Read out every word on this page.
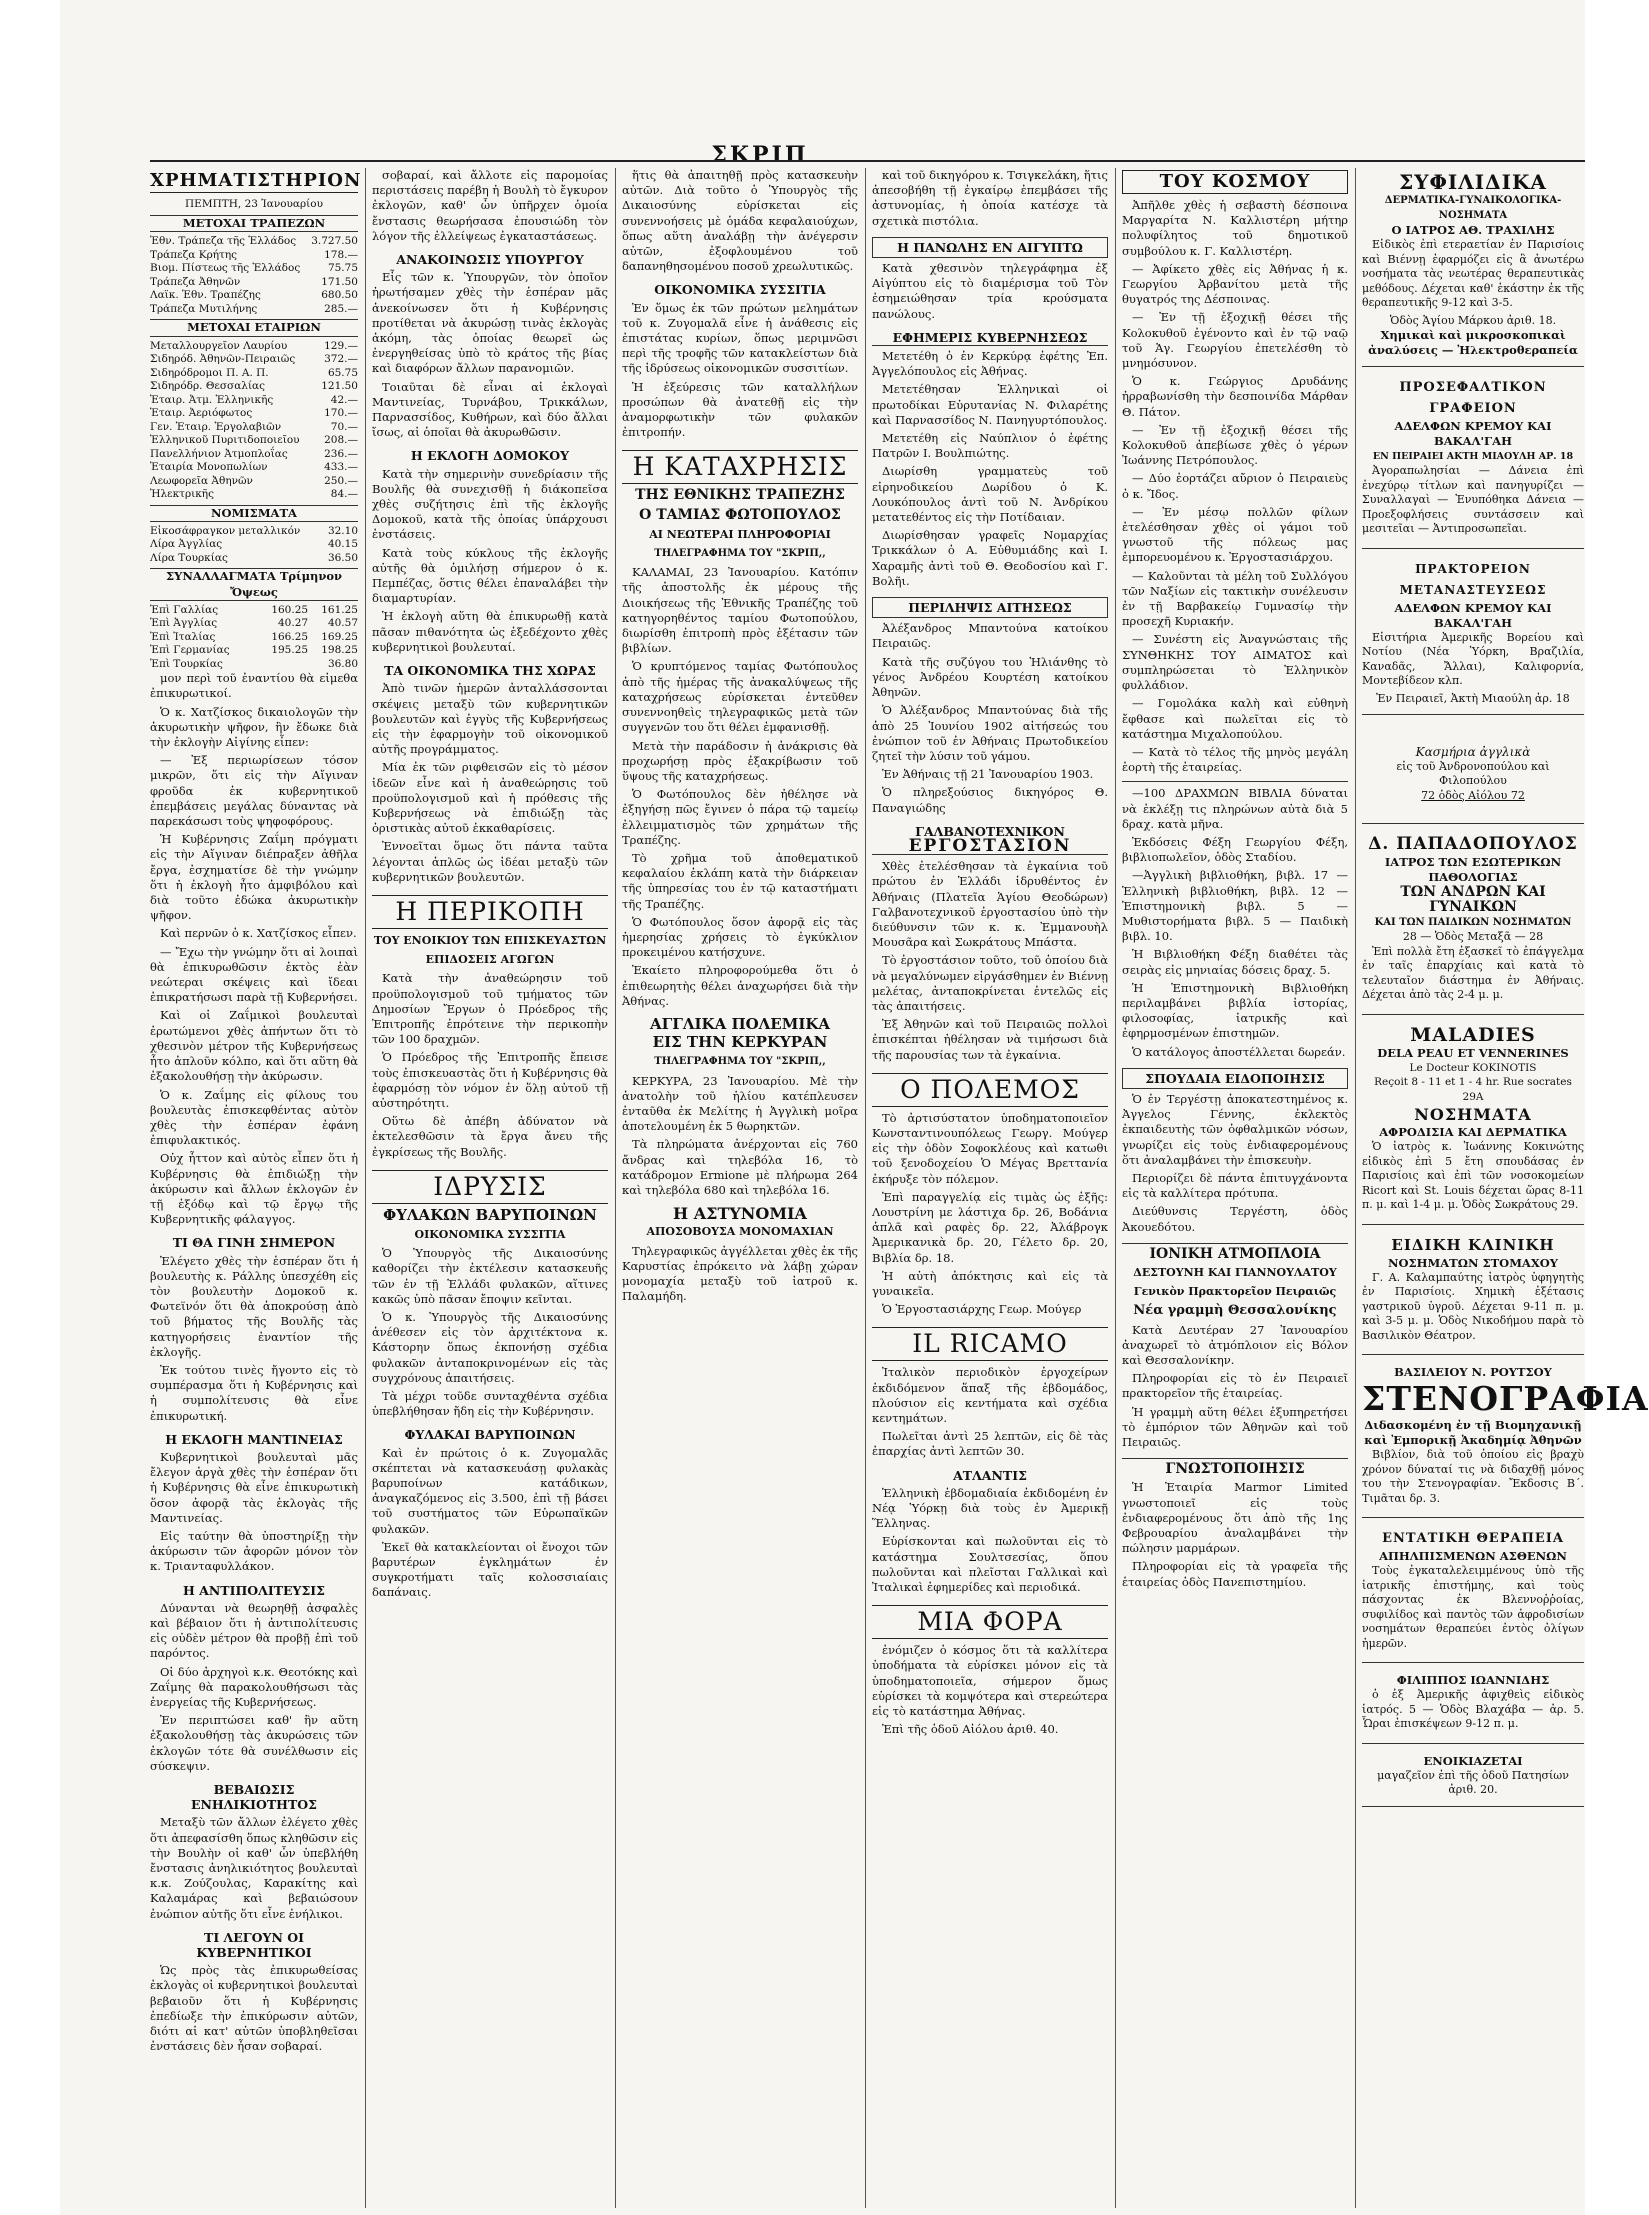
ΣΚΡΙΠ
ΧΡΗΜΑΤΙΣΤΗΡΙΟΝ
ΠΕΜΠΤΗ, 23 Ἰανουαρίου
ΜΕΤΟΧΑΙ ΤΡΑΠΕΖΩΝ
Ἐθν. Τράπεζα τῆς Ἑλλάδος	3.727.50
Τράπεζα Κρήτης	178.—
Βιομ. Πίστεως τῆς Ἑλλάδος	75.75
Τράπεζα Ἀθηνῶν	171.50
Λαϊκ. Ἐθν. Τραπέζης	680.50
Τράπεζα Μυτιλήνης	285.—
ΜΕΤΟΧΑΙ ΕΤΑΙΡΙΩΝ
Μεταλλουργεῖον Λαυρίου	129.—
Σιδηρόδ. Ἀθηνῶν-Πειραιῶς	372.—
Σιδηρόδρομοι Π. Α. Π.	65.75
Σιδηρόδρ. Θεσσαλίας	121.50
Ἑταιρ. Ἀτμ. Ἑλληνικῆς	42.—
Ἑταιρ. Ἀεριόφωτος	170.—
Γεν. Ἑταιρ. Ἐργολαβιῶν	70.—
Ἑλληνικοῦ Πυριτιδοποιεῖου	208.—
Πανελλήνιον Ἀτμοπλοΐας	236.—
Ἑταιρία Μονοπωλίων	433.—
Λεωφορεῖα Ἀθηνῶν	250.—
Ἠλεκτρικῆς	84.—
ΝΟΜΙΣΜΑΤΑ
Εἰκοσάφραγκον μεταλλικόν	32.10
Λίρα Ἀγγλίας	40.15
Λίρα Τουρκίας	36.50
ΣΥΝΑΛΛΑΓΜΑΤΑ Τρίμηνον Ὄψεως
Ἐπὶ Γαλλίας	160.25	161.25
Ἐπὶ Ἀγγλίας	40.27	40.57
Ἐπὶ Ἰταλίας	166.25	169.25
Ἐπὶ Γερμανίας	195.25	198.25
Ἐπὶ Τουρκίας		36.80

μον περὶ τοῦ ἐναντίου θὰ εἰμεθα ἐπικυρωτικοί.

Ὁ κ. Χατζίσκος δικαιολογῶν τὴν ἀκυρωτικὴν ψῆφον, ἣν ἔδωκε διὰ τὴν ἐκλογὴν Αἰγίνης εἶπεν:

— Ἐξ περιωρίσεων τόσον μικρῶν, ὅτι εἰς τὴν Αἴγιναν φροῦδα ἐκ κυβερνητικοῦ ἐπεμβάσεις μεγάλας δύναντας νὰ παρεκάσωσι τοὺς ψηφοφόρους.

Ἡ Κυβέρνησις Ζαΐμη πρόγματι εἰς τὴν Αἴγιναν διέπραξεν ἀθῆλα ἔργα, ἐσχηματίσε δὲ τὴν γνώμην ὅτι ἡ ἐκλογὴ ἦτο ἀμφιβόλου καὶ διὰ τοῦτο ἐδώκα ἀκυρωτικὴν ψῆφον.

Καὶ περνῶν ὁ κ. Χατζίσκος εἶπεν.

— Ἔχω τὴν γνώμην ὅτι αἱ λοιπαὶ θὰ ἐπικυρωθῶσιν ἐκτὸς ἐὰν νεώτεραι σκέψεις καὶ ἴδεαι ἐπικρατήσωσι παρὰ τῇ Κυβερνήσει.

Καὶ οἱ Ζαΐμικοὶ βουλευταὶ ἐρωτώμενοι χθὲς ἀπήντων ὅτι τὸ χθεσινὸν μέτρον τῆς Κυβερνήσεως ἦτο ἀπλοῦν κόλπο, καὶ ὅτι αὕτη θὰ ἐξακολουθήσῃ τὴν ἀκύρωσιν.

Ὁ κ. Ζαΐμης εἰς φίλους του βουλευτὰς ἐπισκεφθέντας αὐτὸν χθὲς τὴν ἑσπέραν ἐφάνη ἐπιφυλακτικός.

Οὐχ ἧττον καὶ αὐτὸς εἶπεν ὅτι ἡ Κυβέρνησις θὰ ἐπιδιώξῃ τὴν ἀκύρωσιν καὶ ἄλλων ἐκλογῶν ἐν τῇ ἐξόδῳ καὶ τῷ ἔργῳ τῆς Κυβερνητικῆς φάλαγγος.

ΤΙ ΘΑ ΓΙΝΗ ΣΗΜΕΡΟΝ

Ἐλέγετο χθὲς τὴν ἑσπέραν ὅτι ἡ βουλευτὴς κ. Ράλλης ὑπεσχέθη εἰς τὸν βουλευτὴν Δομοκοῦ κ. Φωτεϊνόν ὅτι θὰ ἀποκρούσῃ ἀπὸ τοῦ βήματος τῆς Βουλῆς τὰς κατηγορήσεις ἐναντίον τῆς ἐκλογῆς.

Ἐκ τούτου τινὲς ἤγοντο εἰς τὸ συμπέρασμα ὅτι ἡ Κυβέρνησις καὶ ἡ συμπολίτευσις θὰ εἶνε ἐπικυρωτική.

Η ΕΚΛΟΓΗ ΜΑΝΤΙΝΕΙΑΣ

Κυβερνητικοὶ βουλευταὶ μᾶς ἔλεγον ἀργὰ χθὲς τὴν ἑσπέραν ὅτι ἡ Κυβέρνησις θὰ εἶνε ἐπικυρωτικὴ ὅσον ἀφορᾷ τὰς ἐκλογὰς τῆς Μαντινείας.

Εἰς ταύτην θὰ ὑποστηρίξῃ τὴν ἀκύρωσιν τῶν ἀφορῶν μόνον τὸν κ. Τριανταφυλλάκον.

Η ΑΝΤΙΠΟΛΙΤΕΥΣΙΣ

Δύνανται νὰ θεωρηθῇ ἀσφαλὲς καὶ βέβαιον ὅτι ἡ ἀντιπολίτευσις εἰς οὐδὲν μέτρον θὰ προβῇ ἐπὶ τοῦ παρόντος.

Οἱ δύο ἀρχηγοὶ κ.κ. Θεοτόκης καὶ Ζαΐμης θὰ παρακολουθήσωσι τὰς ἐνεργείας τῆς Κυβερνήσεως.

Ἐν περιπτώσει καθ' ἣν αὕτη ἐξακολουθήσῃ τὰς ἀκυρώσεις τῶν ἐκλογῶν τότε θὰ συνέλθωσιν εἰς σύσκεψιν.

ΒΕΒΑΙΩΣΙΣ ΕΝΗΛΙΚΙΟΤΗΤΟΣ

Μεταξὺ τῶν ἄλλων ἐλέγετο χθὲς ὅτι ἀπεφασίσθη ὅπως κληθῶσιν εἰς τὴν Βουλὴν οἱ καθ' ὧν ὑπεβλήθη ἔνστασις ἀνηλικιότητος βουλευταὶ κ.κ. Ζούζουλας, Καρακίτης καὶ Καλαμάρας καὶ βεβαιώσουν ἐνώπιον αὐτῆς ὅτι εἶνε ἐνήλικοι.

ΤΙ ΛΕΓΟΥΝ ΟΙ ΚΥΒΕΡΝΗΤΙΚΟΙ

Ὡς πρὸς τὰς ἐπικυρωθείσας ἐκλογὰς οἱ κυβερνητικοὶ βουλευταὶ βεβαιοῦν ὅτι ἡ Κυβέρνησις ἐπεδίωξε τὴν ἐπικύρωσιν αὐτῶν, διότι αἱ κατ' αὐτῶν ὑποβληθεῖσαι ἐνστάσεις δὲν ἦσαν σοβαραί.

σοβαραί, καὶ ἄλλοτε εἰς παρομοίας περιστάσεις παρέβη ἡ Βουλὴ τὸ ἔγκυρον ἐκλογῶν, καθ' ὧν ὑπῆρχεν ὁμοία ἔνστασις θεωρήσασα ἐπουσιώδη τὸν λόγον τῆς ἐλλείψεως ἐγκαταστάσεως.

ΑΝΑΚΟΙΝΩΣΙΣ ΥΠΟΥΡΓΟΥ

Εἷς τῶν κ. Ὑπουργῶν, τὸν ὁποῖον ἠρωτήσαμεν χθὲς τὴν ἑσπέραν μᾶς ἀνεκοίνωσεν ὅτι ἡ Κυβέρνησις προτίθεται νὰ ἀκυρώσῃ τινὰς ἐκλογὰς ἀκόμη, τὰς ὁποίας θεωρεῖ ὡς ἐνεργηθείσας ὑπὸ τὸ κράτος τῆς βίας καὶ διαφόρων ἄλλων παρανομιῶν.

Τοιαῦται δὲ εἶναι αἱ ἐκλογαὶ Μαντινείας, Τυρνάβου, Τρικκάλων, Παρνασσίδος, Κυθήρων, καὶ δύο ἄλλαι ἴσως, αἱ ὁποῖαι θὰ ἀκυρωθῶσιν.

Η ΕΚΛΟΓΗ ΔΟΜΟΚΟΥ

Κατὰ τὴν σημερινὴν συνεδρίασιν τῆς Βουλῆς θὰ συνεχισθῇ ἡ διάκοπεῖσα χθὲς συζήτησις ἐπὶ τῆς ἐκλογῆς Δομοκοῦ, κατὰ τῆς ὁποίας ὑπάρχουσι ἐνστάσεις.

Κατὰ τοὺς κύκλους τῆς ἐκλογῆς αὐτῆς θὰ ὁμιλήσῃ σήμερον ὁ κ. Πεμπέζας, ὅστις θέλει ἐπαναλάβει τὴν διαμαρτυρίαν.

Ἡ ἐκλογὴ αὕτη θὰ ἐπικυρωθῇ κατὰ πᾶσαν πιθανότητα ὡς ἐξεδέχοντο χθὲς κυβερνητικοὶ βουλευταί.

ΤΑ ΟΙΚΟΝΟΜΙΚΑ ΤΗΣ ΧΩΡΑΣ

Ἀπὸ τινῶν ἡμερῶν ἀνταλλάσσονται σκέψεις μεταξὺ τῶν κυβερνητικῶν βουλευτῶν καὶ ἐγγὺς τῆς Κυβερνήσεως εἰς τὴν ἐφαρμογὴν τοῦ οἰκονομικοῦ αὐτῆς προγράμματος.

Μία ἐκ τῶν ριφθεισῶν εἰς τὸ μέσον ἰδεῶν εἶνε καὶ ἡ ἀναθεώρησις τοῦ προϋπολογισμοῦ καὶ ἡ πρόθεσις τῆς Κυβερνήσεως νὰ ἐπιδιώξῃ τὰς ὁριστικὰς αὐτοῦ ἐκκαθαρίσεις.

Ἐννοεῖται ὅμως ὅτι πάντα ταῦτα λέγονται ἁπλῶς ὡς ἰδέαι μεταξὺ τῶν κυβερνητικῶν βουλευτῶν.

Η ΠΕΡΙΚΟΠΗ
ΤΟΥ ΕΝΟΙΚΙΟΥ ΤΩΝ ΕΠΙΣΚΕΥΑΣΤΩΝ
ΕΠΙΔΟΣΕΙΣ ΑΓΩΓΩΝ

Κατὰ τὴν ἀναθεώρησιν τοῦ προϋπολογισμοῦ τοῦ τμήματος τῶν Δημοσίων Ἔργων ὁ Πρόεδρος τῆς Ἐπιτροπῆς ἐπρότεινε τὴν περικοπὴν τῶν 100 δραχμῶν.

Ὁ Πρόεδρος τῆς Ἐπιτροπῆς ἔπεισε τοὺς ἐπισκευαστὰς ὅτι ἡ Κυβέρνησις θὰ ἐφαρμόσῃ τὸν νόμον ἐν ὅλῃ αὐτοῦ τῇ αὐστηρότητι.

Οὕτω δὲ ἀπέβη ἀδύνατον νὰ ἐκτελεσθῶσιν τὰ ἔργα ἄνευ τῆς ἐγκρίσεως τῆς Βουλῆς.

ΙΔΡΥΣΙΣ
ΦΥΛΑΚΩΝ ΒΑΡΥΠΟΙΝΩΝ
ΟΙΚΟΝΟΜΙΚΑ ΣΥΣΣΙΤΙΑ

Ὁ Ὑπουργὸς τῆς Δικαιοσύνης καθορίζει τὴν ἐκτέλεσιν κατασκευῆς τῶν ἐν τῇ Ἑλλάδι φυλακῶν, αἵτινες κακῶς ὑπὸ πᾶσαν ἔποψιν κεῖνται.

Ὁ κ. Ὑπουργὸς τῆς Δικαιοσύνης ἀνέθεσεν εἰς τὸν ἀρχιτέκτονα κ. Κάστορην ὅπως ἐκπονήσῃ σχέδια φυλακῶν ἀνταποκρινομένων εἰς τὰς συγχρόνους ἀπαιτήσεις.

Τὰ μέχρι τοῦδε συνταχθέντα σχέδια ὑπεβλήθησαν ἤδη εἰς τὴν Κυβέρνησιν.

ΦΥΛΑΚΑΙ ΒΑΡΥΠΟΙΝΩΝ

Καὶ ἐν πρώτοις ὁ κ. Ζυγομαλᾶς σκέπτεται νὰ κατασκευάσῃ φυλακὰς βαρυποίνων κατάδικων, ἀναγκαζόμενος εἰς 3.500, ἐπὶ τῇ βάσει τοῦ συστήματος τῶν Εὐρωπαϊκῶν φυλακῶν.

Ἐκεῖ θὰ κατακλείονται οἱ ἔνοχοι τῶν βαρυτέρων ἐγκλημάτων ἐν συγκροτήματι ταῖς κολοσσιαίαις δαπάναις.

ἥτις θὰ ἀπαιτηθῇ πρὸς κατασκευὴν αὐτῶν. Διὰ τοῦτο ὁ Ὑπουργὸς τῆς Δικαιοσύνης εὑρίσκεται εἰς συνεννοήσεις μὲ ὁμάδα κεφαλαιούχων, ὅπως αὕτη ἀναλάβῃ τὴν ἀνέγερσιν αὐτῶν, ἐξοφλουμένου τοῦ δαπανηθησομένου ποσοῦ χρεωλυτικῶς.

ΟΙΚΟΝΟΜΙΚΑ ΣΥΣΣΙΤΙΑ

Ἐν ὅμως ἐκ τῶν πρώτων μελημάτων τοῦ κ. Ζυγομαλᾶ εἶνε ἡ ἀνάθεσις εἰς ἐπιστάτας κυρίων, ὅπως μεριμνῶσι περὶ τῆς τροφῆς τῶν κατακλείστων διὰ τῆς ἱδρύσεως οἰκονομικῶν συσσιτίων.

Ἡ ἐξεύρεσις τῶν καταλλήλων προσώπων θὰ ἀνατεθῇ εἰς τὴν ἀναμορφωτικὴν τῶν φυλακῶν ἐπιτροπήν.

Η ΚΑΤΑΧΡΗΣΙΣ
ΤΗΣ ΕΘΝΙΚΗΣ ΤΡΑΠΕΖΗΣ
Ο ΤΑΜΙΑΣ ΦΩΤΟΠΟΥΛΟΣ
ΑΙ ΝΕΩΤΕΡΑΙ ΠΛΗΡΟΦΟΡΙΑΙ
ΤΗΛΕΓΡΑΦΗΜΑ ΤΟΥ "ΣΚΡΙΠ,,

ΚΑΛΑΜΑΙ, 23 Ἰανουαρίου. Κατόπιν τῆς ἀποστολῆς ἐκ μέρους τῆς Διοικήσεως τῆς Ἐθνικῆς Τραπέζης τοῦ κατηγορηθέντος ταμίου Φωτοπούλου, διωρίσθη ἐπιτροπὴ πρὸς ἐξέτασιν τῶν βιβλίων.

Ὁ κρυπτόμενος ταμίας Φωτόπουλος ἀπὸ τῆς ἡμέρας τῆς ἀνακαλύψεως τῆς καταχρήσεως εὑρίσκεται ἐντεῦθεν συνεννοηθεὶς τηλεγραφικῶς μετὰ τῶν συγγενῶν του ὅτι θέλει ἐμφανισθῇ.

Μετὰ τὴν παράδοσιν ἡ ἀνάκρισις θὰ προχωρήσῃ πρὸς ἐξακρίβωσιν τοῦ ὕψους τῆς καταχρήσεως.

Ὁ Φωτόπουλος δὲν ἠθέλησε νὰ ἐξηγήσῃ πῶς ἔγινεν ὁ πάρα τῷ ταμείῳ ἐλλειμματισμὸς τῶν χρημάτων τῆς Τραπέζης.

Τὸ χρῆμα τοῦ ἀποθεματικοῦ κεφαλαίου ἐκλάπη κατὰ τὴν διάρκειαν τῆς ὑπηρεσίας του ἐν τῷ καταστήματι τῆς Τραπέζης.

Ὁ Φωτόπουλος ὅσον ἀφορᾷ εἰς τὰς ἡμερησίας χρήσεις τὸ ἐγκύκλιον προκειμένου κατήσχυνε.

Ἐκαίετο πληροφορούμεθα ὅτι ὁ ἐπιθεωρητὴς θέλει ἀναχωρήσει διὰ τὴν Ἀθήνας.

ΑΓΓΛΙΚΑ ΠΟΛΕΜΙΚΑ
ΕΙΣ ΤΗΝ ΚΕΡΚΥΡΑΝ
ΤΗΛΕΓΡΑΦΗΜΑ ΤΟΥ "ΣΚΡΙΠ,,

ΚΕΡΚΥΡΑ, 23 Ἰανουαρίου. Μὲ τὴν ἀνατολὴν τοῦ ἡλίου κατέπλευσεν ἐνταῦθα ἐκ Μελίτης ἡ Ἀγγλικὴ μοῖρα ἀποτελουμένη ἐκ 5 θωρηκτῶν.

Τὰ πληρώματα ἀνέρχονται εἰς 760 ἄνδρας καὶ τηλεβόλα 16, τὸ κατάδρομον Ermione μὲ πλήρωμα 264 καὶ τηλεβόλα 680 καὶ τηλεβόλα 16.

Η ΑΣΤΥΝΟΜΙΑ
ΑΠΟΣΟΒΟΥΣΑ ΜΟΝΟΜΑΧΙΑΝ

Τηλεγραφικῶς ἀγγέλλεται χθὲς ἐκ τῆς Καρυστίας ἐπρόκειτο νὰ λάβῃ χώραν μονομαχία μεταξὺ τοῦ ἰατροῦ κ. Παλαμήδη.

καὶ τοῦ δικηγόρου κ. Τσιγκελάκη, ἥτις ἀπεσοβήθη τῇ ἐγκαίρῳ ἐπεμβάσει τῆς ἀστυνομίας, ἡ ὁποία κατέσχε τὰ σχετικὰ πιστόλια.

Η ΠΑΝΩΛΗΣ ΕΝ ΑΙΓΥΠΤΩ

Κατὰ χθεσινὸν τηλεγράφημα ἐξ Αἰγύπτου εἰς τὸ διαμέρισμα τοῦ Τὸν ἐσημειώθησαν τρία κρούσματα πανώλους.

ΕΦΗΜΕΡΙΣ ΚΥΒΕΡΝΗΣΕΩΣ

Μετετέθη ὁ ἐν Κερκύρᾳ ἐφέτης Ἐπ. Ἀγγελόπουλος εἰς Ἀθήνας.

Μετετέθησαν Ἑλληνικαὶ οἱ πρωτοδίκαι Εὐρυτανίας Ν. Φιλαρέτης καὶ Παρνασσίδος Ν. Πανηγυρτόπουλος.

Μετετέθη εἰς Ναύπλιον ὁ ἐφέτης Πατρῶν Ι. Βουλπιώτης.

Διωρίσθη γραμματεὺς τοῦ εἰρηνοδικείου Δωρίδου ὁ Κ. Λουκόπουλος ἀντὶ τοῦ Ν. Ἀνδρίκου μετατεθέντος εἰς τὴν Ποτίδαιαν.

Διωρίσθησαν γραφεῖς Νομαρχίας Τρικκάλων ὁ Α. Εὐθυμιάδης καὶ Ι. Χαραμῆς ἀντὶ τοῦ Θ. Θεοδοσίου καὶ Γ. Βολῆι.

ΠΕΡΙΛΗΨΙΣ ΑΙΤΗΣΕΩΣ

Ἀλέξανδρος Μπαντούνα κατοίκου Πειραιῶς.

Κατὰ τῆς συζύγου του Ἡλιάνθης τὸ γένος Ἀνδρέου Κουρτέση κατοίκου Ἀθηνῶν.

Ὁ Ἀλέξανδρος Μπαντούνας διὰ τῆς ἀπὸ 25 Ἰουνίου 1902 αἰτήσεώς του ἐνώπιον τοῦ ἐν Ἀθήναις Πρωτοδικείου ζητεῖ τὴν λύσιν τοῦ γάμου.

Ἐν Ἀθήναις τῇ 21 Ἰανουαρίου 1903.

Ὁ πληρεξούσιος δικηγόρος Θ. Παναγιώδης

ΓΑΛΒΑΝΟΤΕΧΝΙΚΟΝ
ΕΡΓΟΣΤΑΣΙΟΝ

Χθὲς ἐτελέσθησαν τὰ ἐγκαίνια τοῦ πρώτου ἐν Ἑλλάδι ἱδρυθέντος ἐν Ἀθήναις (Πλατεῖα Ἁγίου Θεοδώρων) Γαλβανοτεχνικοῦ ἐργοστασίου ὑπὸ τὴν διεύθυνσιν τῶν κ. κ. Ἐμμανουὴλ Μουσᾶρα καὶ Σωκράτους Μπάστα.

Τὸ ἐργοστάσιον τοῦτο, τοῦ ὁποίου διὰ νὰ μεγαλύνωμεν εἰργάσθημεν ἐν Βιέννῃ μελέτας, ἀνταποκρίνεται ἐντελῶς εἰς τὰς ἀπαιτήσεις.

Ἐξ Ἀθηνῶν καὶ τοῦ Πειραιῶς πολλοὶ ἐπισκέπται ἠθέλησαν νὰ τιμήσωσι διὰ τῆς παρουσίας των τὰ ἐγκαίνια.

Ο ΠΟΛΕΜΟΣ

Τὸ ἀρτισύστατον ὑποδηματοποιεῖον Κωνσταντινουπόλεως Γεωργ. Μούγερ εἰς τὴν ὁδὸν Σοφοκλέους καὶ κατωθι τοῦ ξενοδοχείου Ὁ Μέγας Βρεττανία ἐκήρυξε τὸν πόλεμον.

Ἐπὶ παραγγελίᾳ εἰς τιμὰς ὡς ἑξῆς: Λουστρίνη με λάστιχα δρ. 26, Βοδάνια ἁπλᾶ καὶ ραφὲς δρ. 22, Ἀλάβρογκ Ἀμερικανικὰ δρ. 20, Γέλετο δρ. 20, Βιβλία δρ. 18.

Ἡ αὐτὴ ἀπόκτησις καὶ εἰς τὰ γυναικεῖα.

Ὁ Ἐργοστασιάρχης Γεωρ. Μούγερ

IL RICAMO

Ἰταλικὸν περιοδικὸν ἐργοχείρων ἐκδιδόμενον ἅπαξ τῆς ἑβδομάδος, πλούσιον εἰς κεντήματα καὶ σχέδια κεντημάτων.

Πωλεῖται ἀντὶ 25 λεπτῶν, εἰς δὲ τὰς ἐπαρχίας ἀντὶ λεπτῶν 30.

ΑΤΛΑΝΤΙΣ

Ἑλληνικὴ ἑβδομαδιαία ἐκδιδομένη ἐν Νέᾳ Ὑόρκῃ διὰ τοὺς ἐν Ἀμερικῇ Ἕλληνας.

Εὑρίσκονται καὶ πωλοῦνται εἰς τὸ κατάστημα Σουλτσεσίας, ὅπου πωλοῦνται καὶ πλεῖσται Γαλλικαὶ καὶ Ἰταλικαὶ ἐφημερίδες καὶ περιοδικά.

ΜΙΑ ΦΟΡΑ

ἐνόμιζεν ὁ κόσμος ὅτι τὰ καλλίτερα ὑποδήματα τὰ εὑρίσκει μόνον εἰς τὰ ὑποδηματοποιεῖα, σήμερον ὅμως εὑρίσκει τὰ κομψότερα καὶ στερεώτερα εἰς τὸ κατάστημα Ἀθήνας.

Ἐπὶ τῆς ὁδοῦ Αἰόλου ἀριθ. 40.

ΤΟΥ ΚΟΣΜΟΥ

Ἀπῆλθε χθὲς ἡ σεβαστὴ δέσποινα Μαργαρίτα Ν. Καλλιστέρη μήτηρ πολυφίλητος τοῦ δημοτικοῦ συμβούλου κ. Γ. Καλλιστέρη.

— Ἀφίκετο χθὲς εἰς Ἀθήνας ἡ κ. Γεωργίου Ἀρβανίτου μετὰ τῆς θυγατρός της Δέσποινας.

— Ἐν τῇ ἐξοχικῇ θέσει τῆς Κολοκυθοῦ ἐγένοντο καὶ ἐν τῷ ναῷ τοῦ Ἁγ. Γεωργίου ἐπετελέσθη τὸ μνημόσυνον.

Ὁ κ. Γεώργιος Δρυδάνης ἠρραβωνίσθη τὴν δεσποινίδα Μάρθαν Θ. Πάτον.

— Ἐν τῇ ἐξοχικῇ θέσει τῆς Κολοκυθοῦ ἀπεβίωσε χθὲς ὁ γέρων Ἰωάννης Πετρόπουλος.

— Δύο ἐορτάζει αὔριον ὁ Πειραιεὺς ὁ κ. Ἴδος.

— Ἐν μέσῳ πολλῶν φίλων ἐτελέσθησαν χθὲς οἱ γάμοι τοῦ γνωστοῦ τῆς πόλεως μας ἐμπορευομένου κ. Ἐργοστασιάρχου.

— Καλοῦνται τὰ μέλη τοῦ Συλλόγου τῶν Ναξίων εἰς τακτικὴν συνέλευσιν ἐν τῇ Βαρβακείῳ Γυμνασίῳ τὴν προσεχῆ Κυριακήν.

— Συνέστη εἰς Ἀναγνώσταις τῆς ΣΥΝΘΗΚΗΣ ΤΟΥ ΑΙΜΑΤΟΣ καὶ συμπληρώσεται τὸ Ἑλληνικὸν φυλλάδιον.

— Γομολάκα καλὴ καὶ εὐθηνὴ ἔφθασε καὶ πωλεῖται εἰς τὸ κατάστημα Μιχαλοπούλου.

— Κατὰ τὸ τέλος τῆς μηνὸς μεγάλη ἑορτὴ τῆς ἐταιρείας.

—100 ΔΡΑΧΜΩΝ ΒΙΒΛΙΑ δύναται νὰ ἐκλέξῃ τις πληρώνων αὐτὰ διὰ 5 δραχ. κατὰ μῆνα.

Ἐκδόσεις Φέξη Γεωργίου Φέξη, βιβλιοπωλεῖον, ὁδὸς Σταδίου.

—Ἀγγλικὴ βιβλιοθήκη, βιβλ. 17 — Ἑλληνικὴ βιβλιοθήκη, βιβλ. 12 — Ἐπιστημονικὴ βιβλ. 5 — Μυθιστορήματα βιβλ. 5 — Παιδικὴ βιβλ. 10.

Ἡ Βιβλιοθήκη Φέξη διαθέτει τὰς σειρὰς εἰς μηνιαίας δόσεις δραχ. 5.

Ἡ Ἐπιστημονικὴ Βιβλιοθήκη περιλαμβάνει βιβλία ἱστορίας, φιλοσοφίας, ἰατρικῆς καὶ ἐφηρμοσμένων ἐπιστημῶν.

Ὁ κατάλογος ἀποστέλλεται δωρεάν.

ΣΠΟΥΔΑΙΑ ΕΙΔΟΠΟΙΗΣΙΣ

Ὁ ἐν Τεργέστῃ ἀποκατεστημένος κ. Ἀγγελος Γέννης, ἐκλεκτὸς ἐκπαιδευτὴς τῶν ὀφθαλμικῶν νόσων, γνωρίζει εἰς τοὺς ἐνδιαφερομένους ὅτι ἀναλαμβάνει τὴν ἐπισκευὴν.

Περιορίζει δὲ πάντα ἐπιτυγχάνοντα εἰς τὰ καλλίτερα πρότυπα.

Διεύθυνσις Τεργέστη, ὁδὸς Ἀκουεδότου.

ΙΟΝΙΚΗ ΑΤΜΟΠΛΟΙΑ
ΔΕΣΤΟΥΝΗ ΚΑΙ ΓΙΑΝΝΟΥΛΑΤΟΥ
Γενικὸν Πρακτορεῖον Πειραιῶς
Νέα γραμμὴ Θεσσαλονίκης

Κατὰ Δευτέραν 27 Ἰανουαρίου ἀναχωρεῖ τὸ ἀτμόπλοιον εἰς Βόλον καὶ Θεσσαλονίκην.

Πληροφορίαι εἰς τὸ ἐν Πειραιεῖ πρακτορεῖον τῆς ἑταιρείας.

Ἡ γραμμὴ αὕτη θέλει ἐξυπηρετήσει τὸ ἐμπόριον τῶν Ἀθηνῶν καὶ τοῦ Πειραιῶς.

ΓΝΩΣΤΟΠΟΙΗΣΙΣ

Ἡ Ἑταιρία Marmor Limited γνωστοποιεῖ εἰς τοὺς ἐνδιαφερομένους ὅτι ἀπὸ τῆς 1ης Φεβρουαρίου ἀναλαμβάνει τὴν πώλησιν μαρμάρων.

Πληροφορίαι εἰς τὰ γραφεῖα τῆς ἑταιρείας ὁδὸς Πανεπιστημίου.

ΣΥΦΙΛΙΔΙΚΑ
ΔΕΡΜΑΤΙΚΑ-ΓΥΝΑΙΚΟΛΟΓΙΚΑ-ΝΟΣΗΜΑΤΑ
Ο ΙΑΤΡΟΣ ΑΘ. ΤΡΑΧΙΛΗΣ

Εἰδικὸς ἐπὶ ετεραετίαν ἐν Παρισίοις καὶ Βιέννῃ ἐφαρμόζει εἰς ἃ ἀνωτέρω νοσήματα τὰς νεωτέρας θεραπευτικὰς μεθόδους. Δέχεται καθ' ἑκάστην ἐκ τῆς θεραπευτικῆς 9-12 καὶ 3-5.

Ὁδὸς Ἁγίου Μάρκου ἀριθ. 18.
Χημικαὶ καὶ μικροσκοπικαὶ ἀναλύσεις — Ἠλεκτροθεραπεία
ΠΡΟΣΕΦΑΛΤΙΚΟΝ ΓΡΑΦΕΙΟΝ
ΑΔΕΛΦΩΝ ΚΡΕΜΟΥ ΚΑΙ ΒΑΚΑΛ'ΓΑΗ
ΕΝ ΠΕΙΡΑΙΕΙ ΑΚΤΗ ΜΙΑΟΥΛΗ ΑΡ. 18

Ἀγοραπωλησίαι — Δάνεια ἐπὶ ἐνεχύρῳ τίτλων καὶ πανηγυρίζει — Συναλλαγαὶ — Ἐνυπόθηκα Δάνεια — Προεξοφλήσεις συντάσσειν καὶ μεσιτεῖαι — Ἀντιπροσωπεῖαι.

ΠΡΑΚΤΟΡΕΙΟΝ ΜΕΤΑΝΑΣΤΕΥΣΕΩΣ
ΑΔΕΛΦΩΝ ΚΡΕΜΟΥ ΚΑΙ ΒΑΚΑΛ'ΓΑΗ

Εἰσιτήρια Ἀμερικῆς Βορείου καὶ Νοτίου (Νέα Ὑόρκη, Βραζιλία, Καναδᾶς, Ἄλλαι), Καλιφορνία, Μοντεβίδεον κλπ.

Ἐν Πειραιεῖ, Ἀκτὴ Μιαούλη ἀρ. 18
Κασμήρια ἀγγλικὰ
εἰς τοῦ Ἀνδρονοπούλου καὶ Φιλοπούλου
72 ὁδὸς Αἰόλου 72
Δ. ΠΑΠΑΔΟΠΟΥΛΟΣ
ΙΑΤΡΟΣ ΤΩΝ ΕΣΩΤΕΡΙΚΩΝ ΠΑΘΟΛΟΓΙΑΣ
ΤΩΝ ΑΝΔΡΩΝ ΚΑΙ ΓΥΝΑΙΚΩΝ
ΚΑΙ ΤΩΝ ΠΑΙΔΙΚΩΝ ΝΟΣΗΜΑΤΩΝ
28 — Ὁδὸς Μεταξᾶ — 28

Ἐπὶ πολλὰ ἔτη ἐξασκεῖ τὸ ἐπάγγελμα ἐν ταῖς ἐπαρχίαις καὶ κατὰ τὸ τελευταῖον διάστημα ἐν Ἀθήναις. Δέχεται ἀπὸ τὰς 2-4 μ. μ.

MALADIES
DELA PEAU ET VENNERINES
Le Docteur KOKINOTIS
Reçoit 8 - 11 et 1 - 4 hr. Rue socrates 29A
ΝΟΣΗΜΑΤΑ
ΑΦΡΟΔΙΣΙΑ ΚΑΙ ΔΕΡΜΑΤΙΚΑ

Ὁ ἰατρὸς κ. Ἰωάννης Κοκινώτης εἰδικὸς ἐπὶ 5 ἔτη σπουδάσας ἐν Παρισίοις καὶ ἐπὶ τῶν νοσοκομείων Ricort καὶ St. Louis δέχεται ὥρας 8-11 π. μ. καὶ 1-4 μ. μ. Ὁδὸς Σωκράτους 29.

ΕΙΔΙΚΗ ΚΛΙΝΙΚΗ
ΝΟΣΗΜΑΤΩΝ ΣΤΟΜΑΧΟΥ

Γ. Α. Καλαμπαύτης ἰατρὸς ὑφηγητὴς ἐν Παρισίοις. Χημικὴ ἐξέτασις γαστρικοῦ ὑγροῦ. Δέχεται 9-11 π. μ. καὶ 3-5 μ. μ. Ὁδὸς Νικοδήμου παρὰ τὸ Βασιλικὸν Θέατρον.

ΒΑΣΙΛΕΙΟΥ Ν. ΡΟΥΤΣΟΥ
ΣΤΕΝΟΓΡΑΦΙΑ
Διδασκομένη ἐν τῇ Βιομηχανικῇ καὶ Ἐμπορικῇ Ἀκαδημίᾳ Ἀθηνῶν

Βιβλίον, διὰ τοῦ ὁποίου εἰς βραχὺ χρόνον δύναταί τις νὰ διδαχθῇ μόνος του τὴν Στενογραφίαν. Ἔκδοσις Β΄. Τιμᾶται δρ. 3.

ΕΝΤΑΤΙΚΗ ΘΕΡΑΠΕΙΑ
ΑΠΗΛΠΙΣΜΕΝΩΝ ΑΣΘΕΝΩΝ

Τοὺς ἐγκαταλελειμμένους ὑπὸ τῆς ἰατρικῆς ἐπιστήμης, καὶ τοὺς πάσχοντας ἐκ Βλεννοῤῥοίας, συφιλίδος καὶ παντὸς τῶν ἀφροδισίων νοσημάτων θεραπεύει ἐντὸς ὀλίγων ἡμερῶν.

ΦΙΛΙΠΠΟΣ ΙΩΑΝΝΙΔΗΣ

ὁ ἐξ Ἀμερικῆς ἀφιχθεὶς εἰδικὸς ἰατρός. 5 — Ὁδὸς Βλαχάβα — ἀρ. 5. Ὧραι ἐπισκέψεων 9-12 π. μ.

ΕΝΟΙΚΙΑΖΕΤΑΙ
μαγαζεῖον ἐπὶ τῆς ὁδοῦ Πατησίων ἀριθ. 20.
